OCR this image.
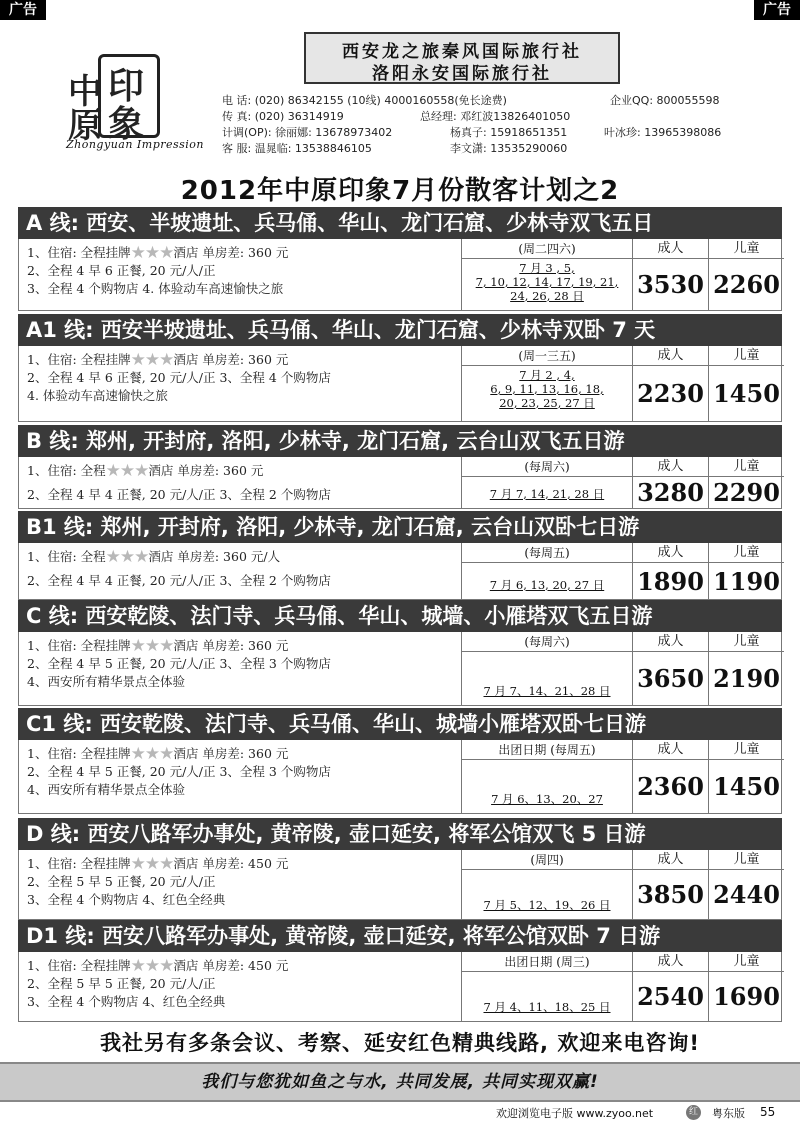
广告	广告
中
原
印
象
Zhongyuan Impression
西安龙之旅秦风国际旅行社
洛阳永安国际旅行社
电 话: (020) 86342155 (10线) 4000160558(免长途费)	企业QQ: 800055598
传 真: (020) 36314919	总经理: 邓红波13826401050
计调(OP): 徐丽娜: 13678973402	杨真子: 15918651351	叶冰珍: 13965398086
客 服: 温晁临: 13538846105	李文潇: 13535290060
2012年中原印象7月份散客计划之2
A 线: 西安、半坡遗址、兵马俑、华山、龙门石窟、少林寺双飞五日
1、住宿: 全程挂牌★★★酒店 单房差: 360 元
2、全程 4 早 6 正餐, 20 元/人/正
3、全程 4 个购物店 4. 体验动车高速愉快之旅
(周二四六)	成人	儿童
7 月 3 , 5,
7, 10, 12, 14, 17, 19, 21,
24, 26, 28 日	3530 2260
A1 线: 西安半坡遗址、兵马俑、华山、龙门石窟、少林寺双卧 7 天
1、住宿: 全程挂牌★★★酒店 单房差: 360 元
2、全程 4 早 6 正餐, 20 元/人/正 3、全程 4 个购物店
4. 体验动车高速愉快之旅
(周一三五)	成人	儿童
7 月 2 , 4,
6, 9, 11, 13, 16, 18,
20, 23, 25, 27 日	2230 1450
B 线: 郑州, 开封府, 洛阳, 少林寺, 龙门石窟, 云台山双飞五日游
1、住宿: 全程★★★酒店 单房差: 360 元
2、全程 4 早 4 正餐, 20 元/人/正 3、全程 2 个购物店
(每周六)	成人	儿童
7 月 7, 14, 21, 28 日	3280 2290
B1 线: 郑州, 开封府, 洛阳, 少林寺, 龙门石窟, 云台山双卧七日游
1、住宿: 全程★★★酒店 单房差: 360 元/人
2、全程 4 早 4 正餐, 20 元/人/正 3、全程 2 个购物店
(每周五)	成人	儿童
7 月 6, 13, 20, 27 日	1890 1190
C 线: 西安乾陵、法门寺、兵马俑、华山、城墙、小雁塔双飞五日游
1、住宿: 全程挂牌★★★酒店 单房差: 360 元
2、全程 4 早 5 正餐, 20 元/人/正 3、全程 3 个购物店
4、西安所有精华景点全体验
(每周六)	成人	儿童
7 月 7、14、21、28 日	3650 2190
C1 线: 西安乾陵、法门寺、兵马俑、华山、城墙小雁塔双卧七日游
1、住宿: 全程挂牌★★★酒店 单房差: 360 元
2、全程 4 早 5 正餐, 20 元/人/正 3、全程 3 个购物店
4、西安所有精华景点全体验
出团日期 (每周五)	成人	儿童
7 月 6、13、20、27	2360 1450
D 线: 西安八路军办事处, 黄帝陵, 壶口延安, 将军公馆双飞 5 日游
1、住宿: 全程挂牌★★★酒店 单房差: 450 元
2、全程 5 早 5 正餐, 20 元/人/正
3、全程 4 个购物店 4、红色全经典
(周四)	成人	儿童
7 月 5、12、19、26 日	3850 2440
D1 线: 西安八路军办事处, 黄帝陵, 壶口延安, 将军公馆双卧 7 日游
1、住宿: 全程挂牌★★★酒店 单房差: 450 元
2、全程 5 早 5 正餐, 20 元/人/正
3、全程 4 个购物店 4、红色全经典
出团日期 (周三)	成人	儿童
7 月 4、11、18、25 日	2540 1690
我社另有多条会议、考察、延安红色精典线路, 欢迎来电咨询!
我们与您犹如鱼之与水, 共同发展, 共同实现双赢!
欢迎浏览电子版 www.zyoo.net	红 粤东版 55
